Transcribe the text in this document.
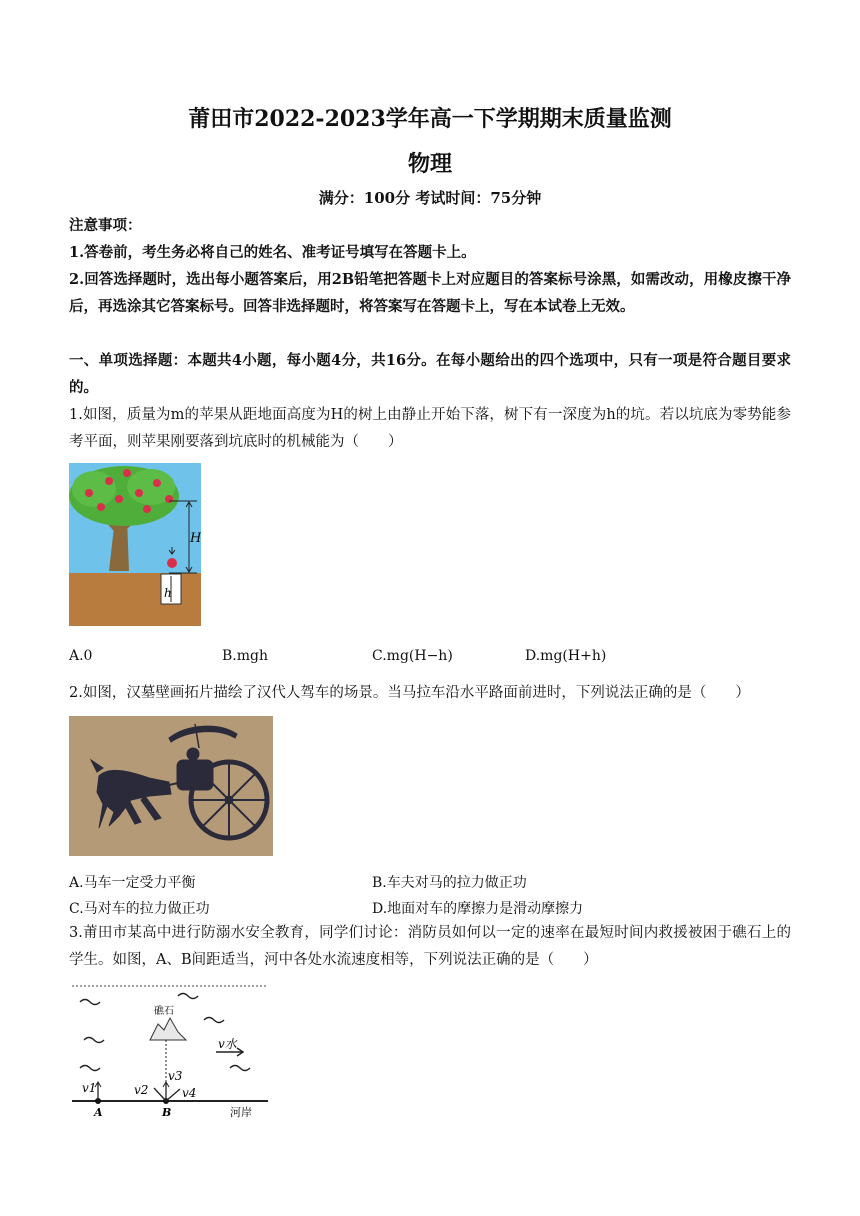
莆田市2022-2023学年高一下学期期末质量监测
物理
满分：100分 考试时间：75分钟
注意事项：
1.答卷前，考生务必将自己的姓名、准考证号填写在答题卡上。
2.回答选择题时，选出每小题答案后，用2B铅笔把答题卡上对应题目的答案标号涂黑，如需改动，用橡皮擦干净后，再选涂其它答案标号。回答非选择题时，将答案写在答题卡上，写在本试卷上无效。
一、单项选择题：本题共4小题，每小题4分，共16分。在每小题给出的四个选项中，只有一项是符合题目要求的。
1.如图，质量为m的苹果从距地面高度为H的树上由静止开始下落，树下有一深度为h的坑。若以坑底为零势能参考平面，则苹果刚要落到坑底时的机械能为（　　）
H
h
A.0	B.mgh	C.mg(H−h)	D.mg(H+h)
2.如图，汉墓壁画拓片描绘了汉代人驾车的场景。当马拉车沿水平路面前进时，下列说法正确的是（　　）
A.马车一定受力平衡	B.车夫对马的拉力做正功
C.马对车的拉力做正功	D.地面对车的摩擦力是滑动摩擦力
3.莆田市某高中进行防溺水安全教育，同学们讨论：消防员如何以一定的速率在最短时间内救援被困于礁石上的学生。如图，A、B间距适当，河中各处水流速度相等，下列说法正确的是（　　）
礁石
v水
v1	v2
v3
v4
A	B	河岸
